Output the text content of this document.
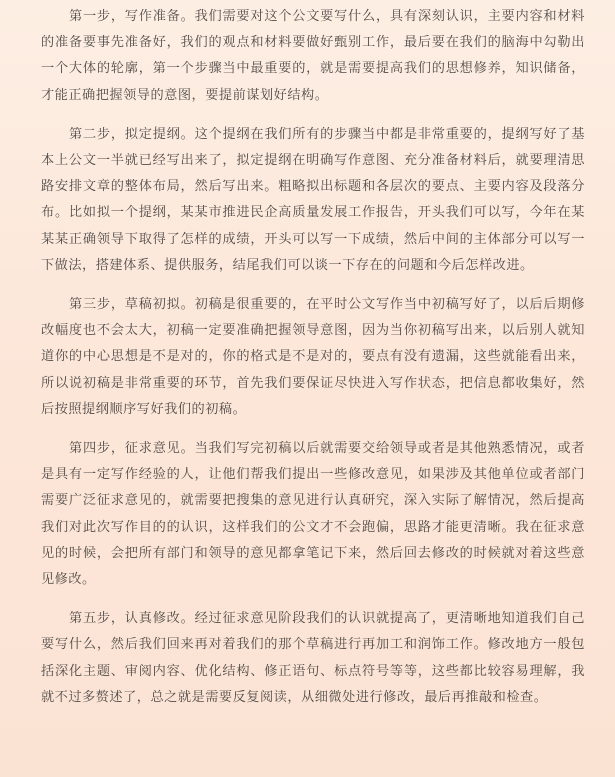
第一步，写作准备。我们需要对这个公文要写什么，具有深刻认识，主要内容和材料的准备要事先准备好，我们的观点和材料要做好甄别工作，最后要在我们的脑海中勾勒出一个大体的轮廓，第一个步骤当中最重要的，就是需要提高我们的思想修养，知识储备，才能正确把握领导的意图，要提前谋划好结构。

第二步，拟定提纲。这个提纲在我们所有的步骤当中都是非常重要的，提纲写好了基本上公文一半就已经写出来了，拟定提纲在明确写作意图、充分准备材料后，就要理清思路安排文章的整体布局，然后写出来。粗略拟出标题和各层次的要点、主要内容及段落分布。比如拟一个提纲，某某市推进民企高质量发展工作报告，开头我们可以写，今年在某某某正确领导下取得了怎样的成绩，开头可以写一下成绩，然后中间的主体部分可以写一下做法，搭建体系、提供服务，结尾我们可以谈一下存在的问题和今后怎样改进。

第三步，草稿初拟。初稿是很重要的，在平时公文写作当中初稿写好了，以后后期修改幅度也不会太大，初稿一定要准确把握领导意图，因为当你初稿写出来，以后别人就知道你的中心思想是不是对的，你的格式是不是对的，要点有没有遗漏，这些就能看出来，所以说初稿是非常重要的环节，首先我们要保证尽快进入写作状态，把信息都收集好，然后按照提纲顺序写好我们的初稿。

第四步，征求意见。当我们写完初稿以后就需要交给领导或者是其他熟悉情况，或者是具有一定写作经验的人，让他们帮我们提出一些修改意见，如果涉及其他单位或者部门需要广泛征求意见的，就需要把搜集的意见进行认真研究，深入实际了解情况，然后提高我们对此次写作目的的认识，这样我们的公文才不会跑偏，思路才能更清晰。我在征求意见的时候，会把所有部门和领导的意见都拿笔记下来，然后回去修改的时候就对着这些意见修改。

第五步，认真修改。经过征求意见阶段我们的认识就提高了，更清晰地知道我们自己要写什么，然后我们回来再对着我们的那个草稿进行再加工和润饰工作。修改地方一般包括深化主题、审阅内容、优化结构、修正语句、标点符号等等，这些都比较容易理解，我就不过多赘述了，总之就是需要反复阅读，从细微处进行修改，最后再推敲和检查。
